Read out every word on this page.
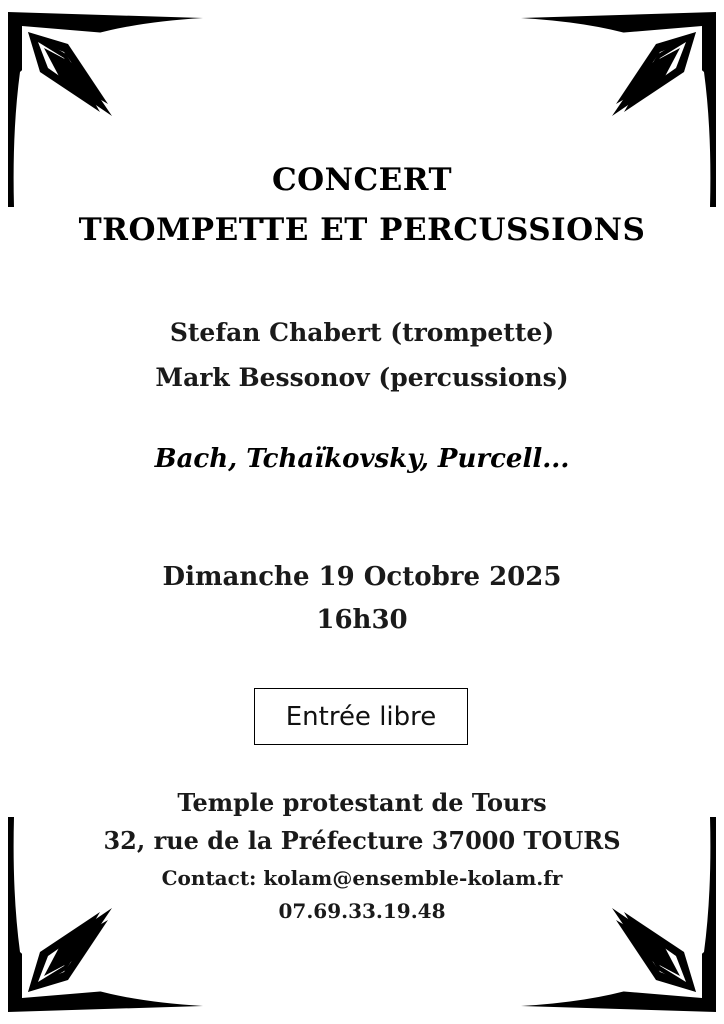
CONCERT
TROMPETTE ET PERCUSSIONS
Stefan Chabert (trompette)
Mark Bessonov (percussions)
Bach, Tchaïkovsky, Purcell...
Dimanche 19 Octobre 2025
16h30
Entrée libre
Temple protestant de Tours
32, rue de la Préfecture 37000 TOURS
Contact: kolam@ensemble-kolam.fr
07.69.33.19.48
